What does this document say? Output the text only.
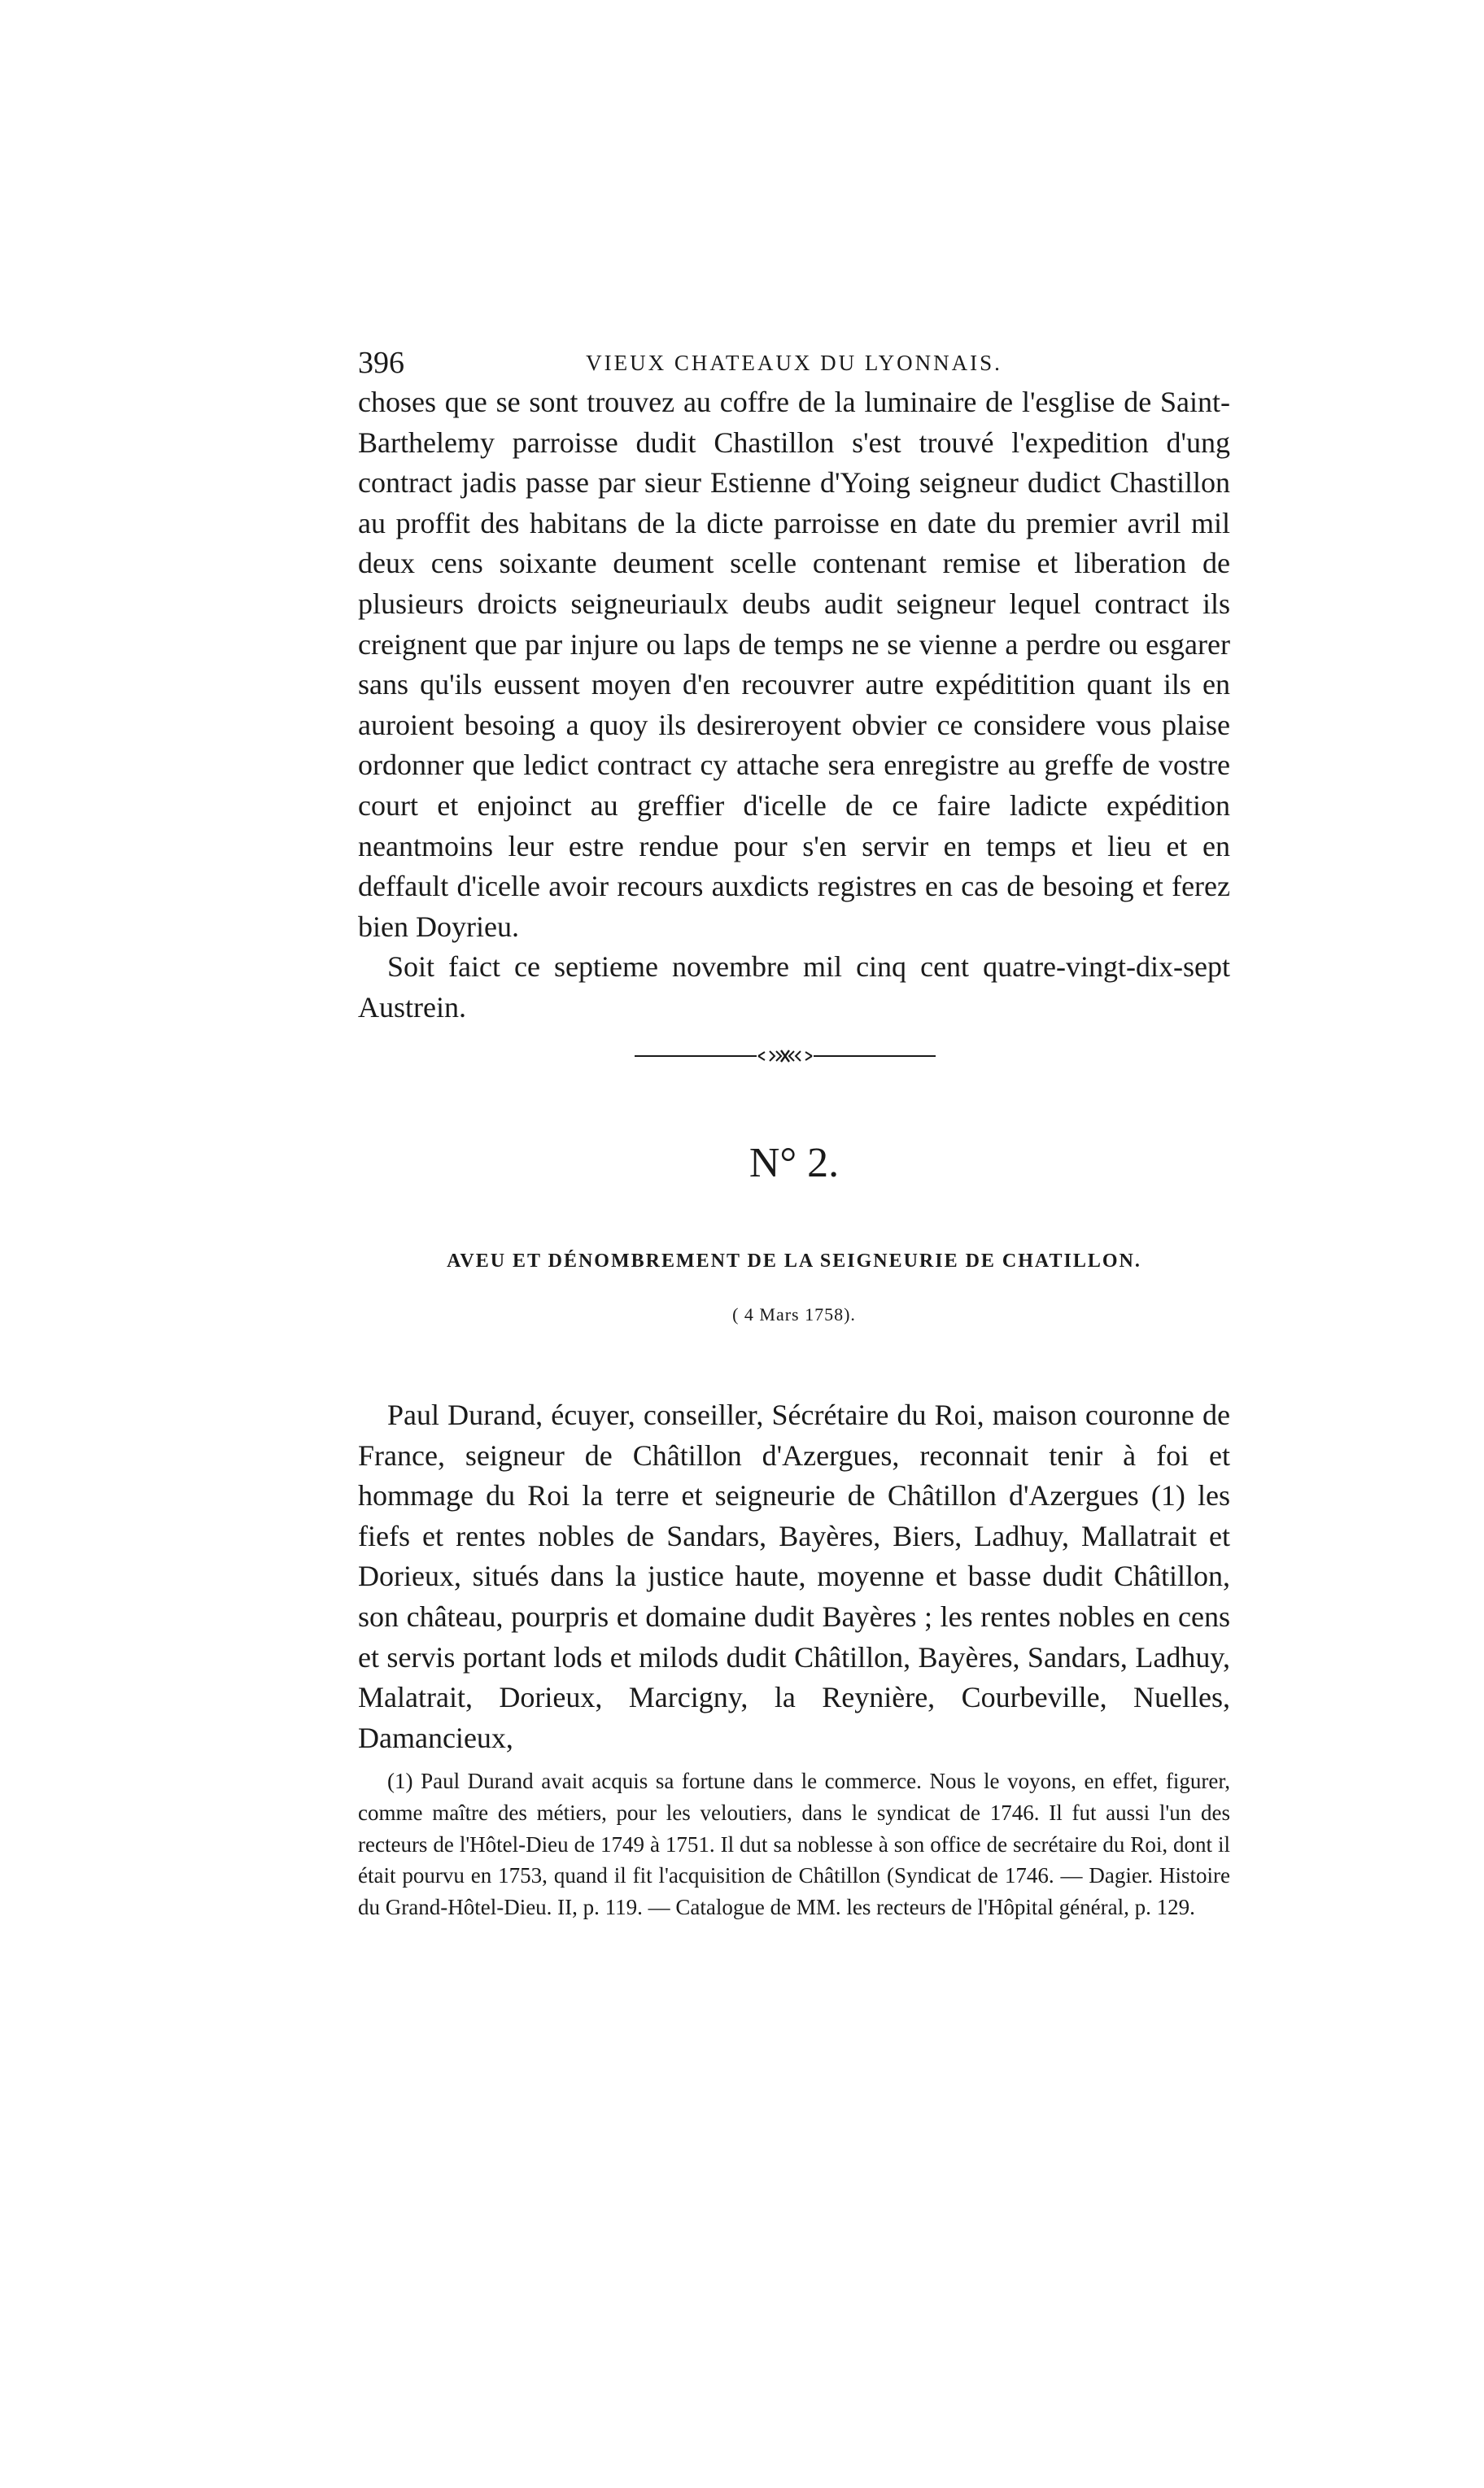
396	VIEUX CHATEAUX DU LYONNAIS.

choses que se sont trouvez au coffre de la luminaire de l'esglise de Saint-Barthelemy parroisse dudit Chastillon s'est trouvé l'expedition d'ung contract jadis passe par sieur Estienne d'Yoing seigneur dudict Chastillon au proffit des habitans de la dicte parroisse en date du premier avril mil deux cens soixante deument scelle contenant remise et liberation de plusieurs droicts seigneuriaulx deubs audit seigneur lequel contract ils creignent que par injure ou laps de temps ne se vienne a perdre ou esgarer sans qu'ils eussent moyen d'en recouvrer autre expéditition quant ils en auroient besoing a quoy ils desireroyent obvier ce considere vous plaise ordonner que ledict contract cy attache sera enregistre au greffe de vostre court et enjoinct au greffier d'icelle de ce faire ladicte expédition neantmoins leur estre rendue pour s'en servir en temps et lieu et en deffault d'icelle avoir recours auxdicts registres en cas de besoing et ferez bien Doyrieu.

Soit faict ce septieme novembre mil cinq cent quatre-vingt-dix-sept Austrein.

N° 2.
AVEU ET DÉNOMBREMENT DE LA SEIGNEURIE DE CHATILLON.
( 4 Mars 1758).

Paul Durand, écuyer, conseiller, Sécrétaire du Roi, maison couronne de France, seigneur de Châtillon d'Azergues, reconnait tenir à foi et hommage du Roi la terre et seigneurie de Châtillon d'Azergues (1) les fiefs et rentes nobles de Sandars, Bayères, Biers, Ladhuy, Mallatrait et Dorieux, situés dans la justice haute, moyenne et basse dudit Châtillon, son château, pourpris et domaine dudit Bayères ; les rentes nobles en cens et servis portant lods et milods dudit Châtillon, Bayères, Sandars, Ladhuy, Malatrait, Dorieux, Marcigny, la Reynière, Courbeville, Nuelles, Damancieux,

(1) Paul Durand avait acquis sa fortune dans le commerce. Nous le voyons, en effet, figurer, comme maître des métiers, pour les veloutiers, dans le syndicat de 1746. Il fut aussi l'un des recteurs de l'Hôtel-Dieu de 1749 à 1751. Il dut sa noblesse à son office de secrétaire du Roi, dont il était pourvu en 1753, quand il fit l'acquisition de Châtillon (Syndicat de 1746. — Dagier. Histoire du Grand-Hôtel-Dieu. II, p. 119. — Catalogue de MM. les recteurs de l'Hôpital général, p. 129.
